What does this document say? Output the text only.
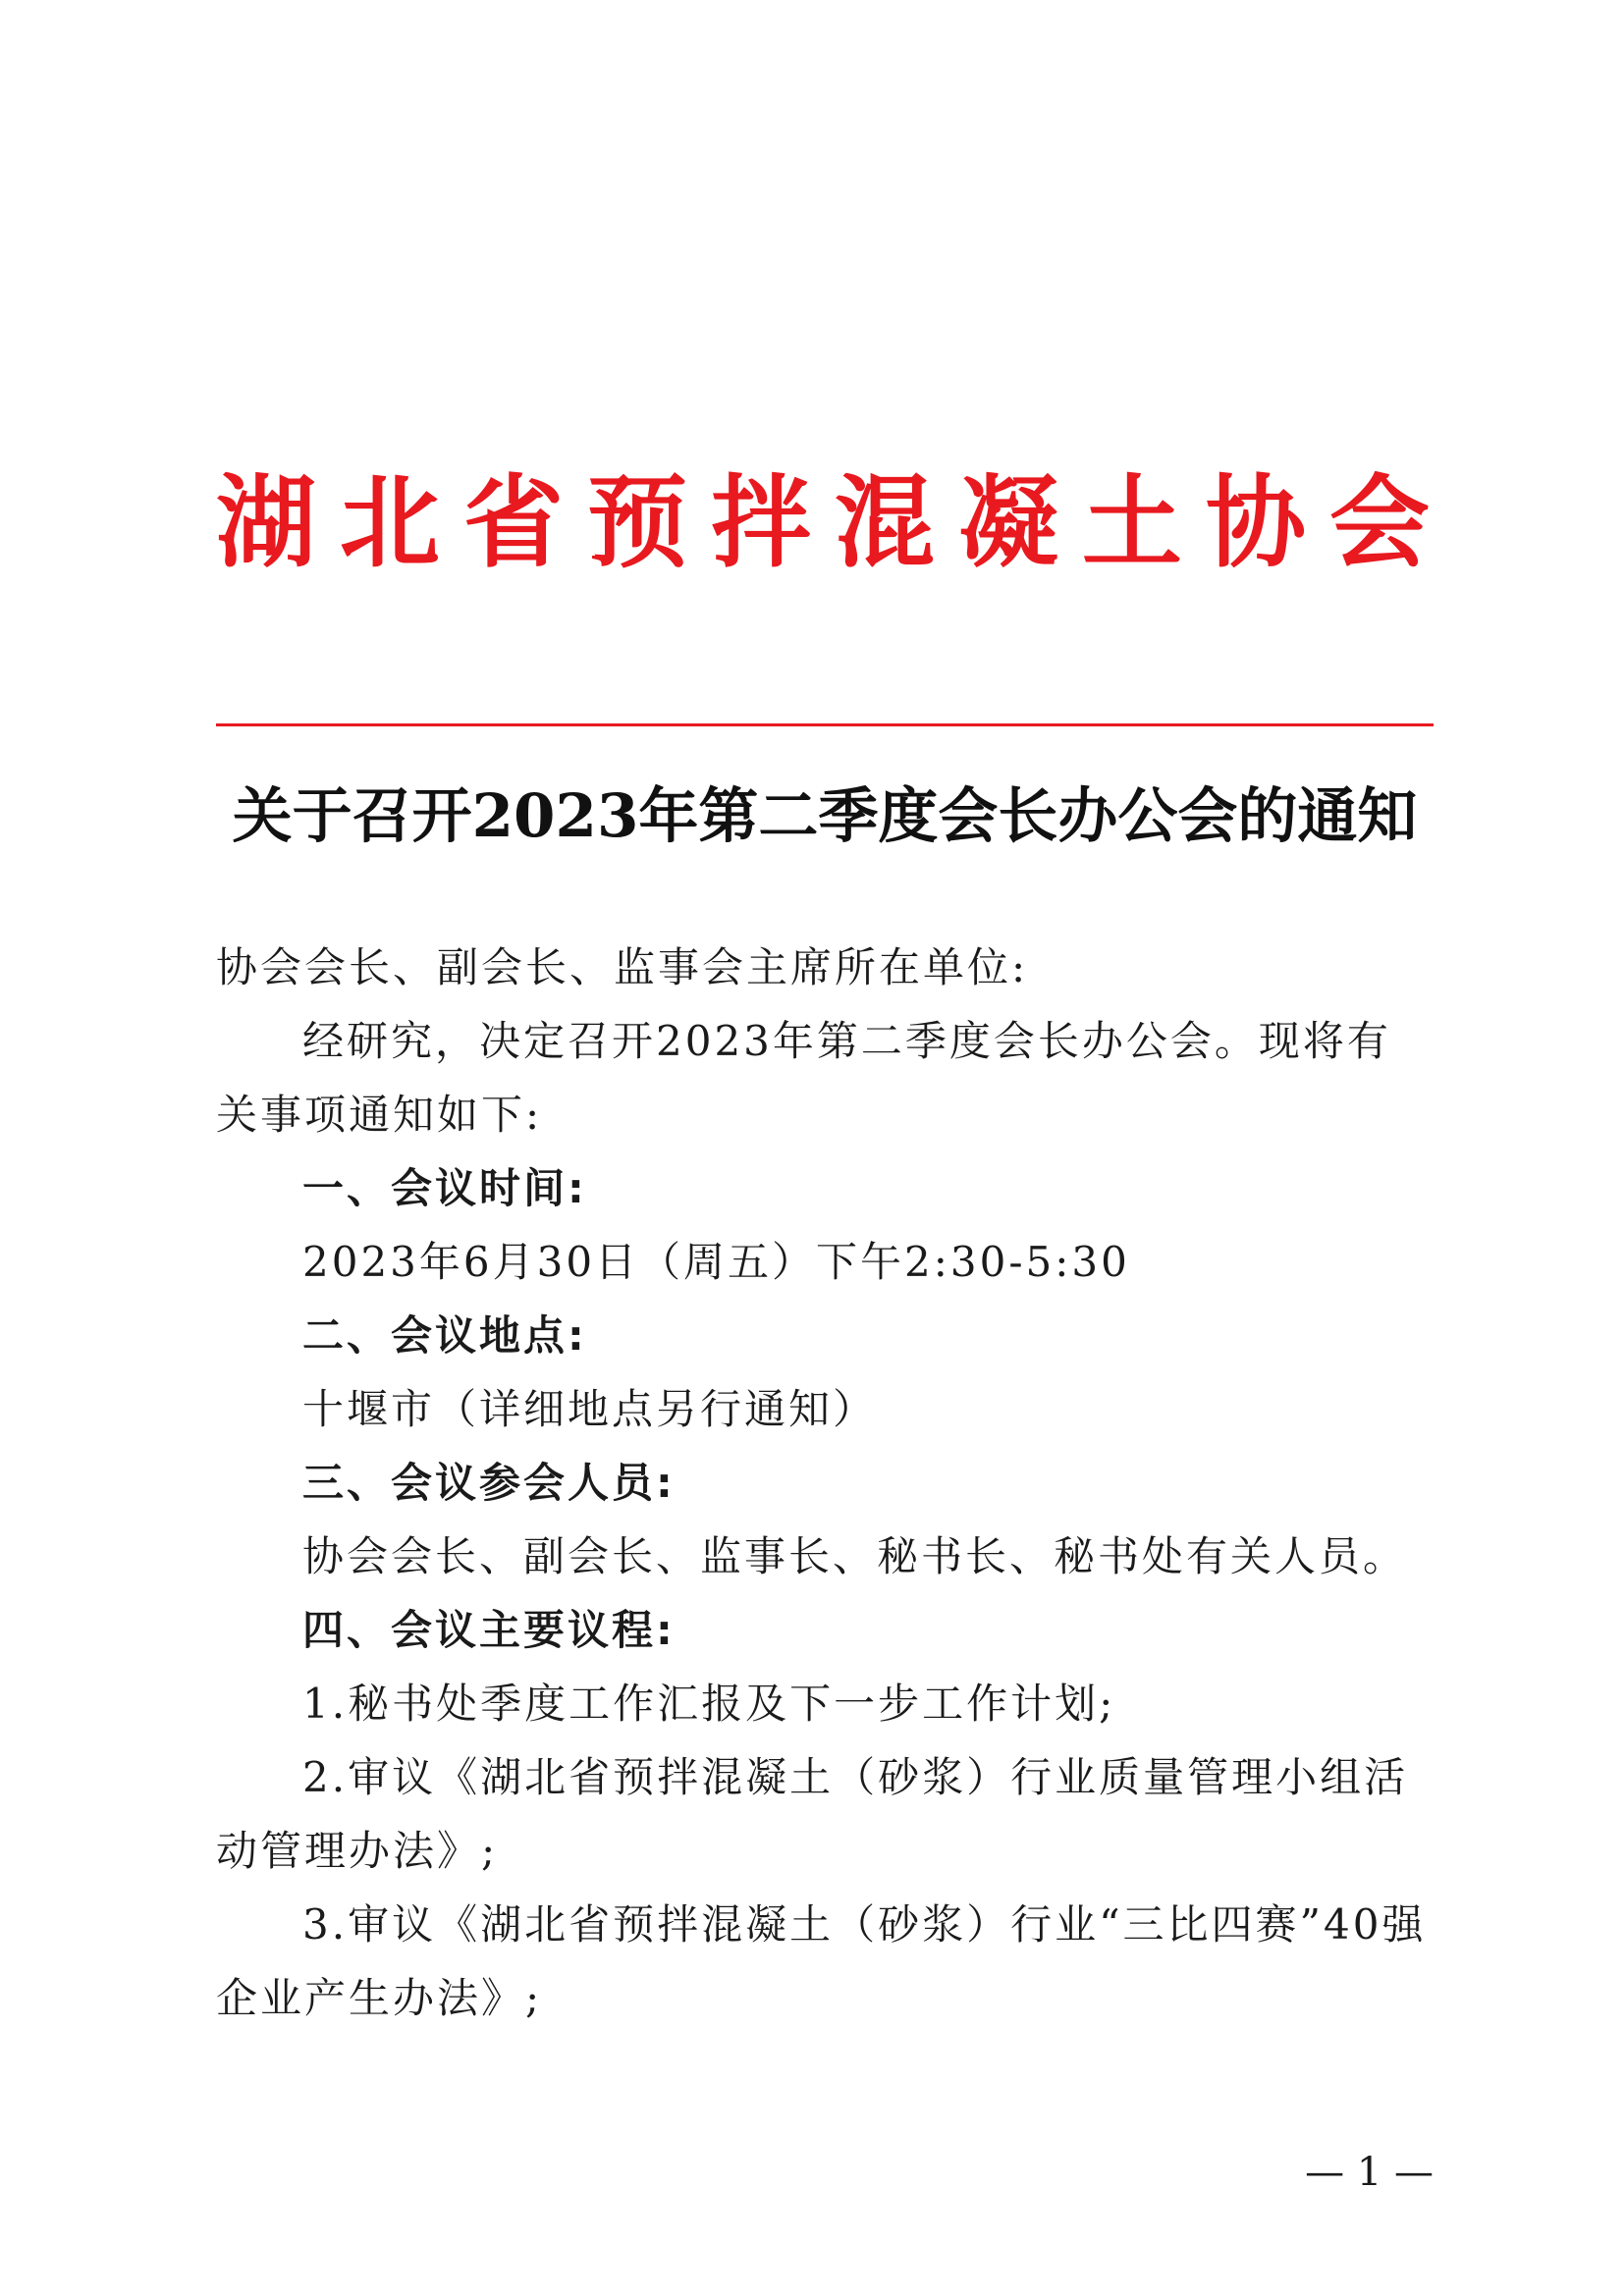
湖北省预拌混凝土协会
关于召开2023年第二季度会长办公会的通知

协会会长、副会长、监事会主席所在单位:

经研究，决定召开2023年第二季度会长办公会。现将有关事项通知如下:

一、会议时间:

2023年6月30日（周五）下午2:30-5:30

二、会议地点:

十堰市（详细地点另行通知）

三、会议参会人员:

协会会长、副会长、监事长、秘书长、秘书处有关人员。

四、会议主要议程:

1.秘书处季度工作汇报及下一步工作计划;

2.审议《湖北省预拌混凝土（砂浆）行业质量管理小组活动管理办法》;

3.审议《湖北省预拌混凝土（砂浆）行业“三比四赛”40强企业产生办法》;

— 1 —
